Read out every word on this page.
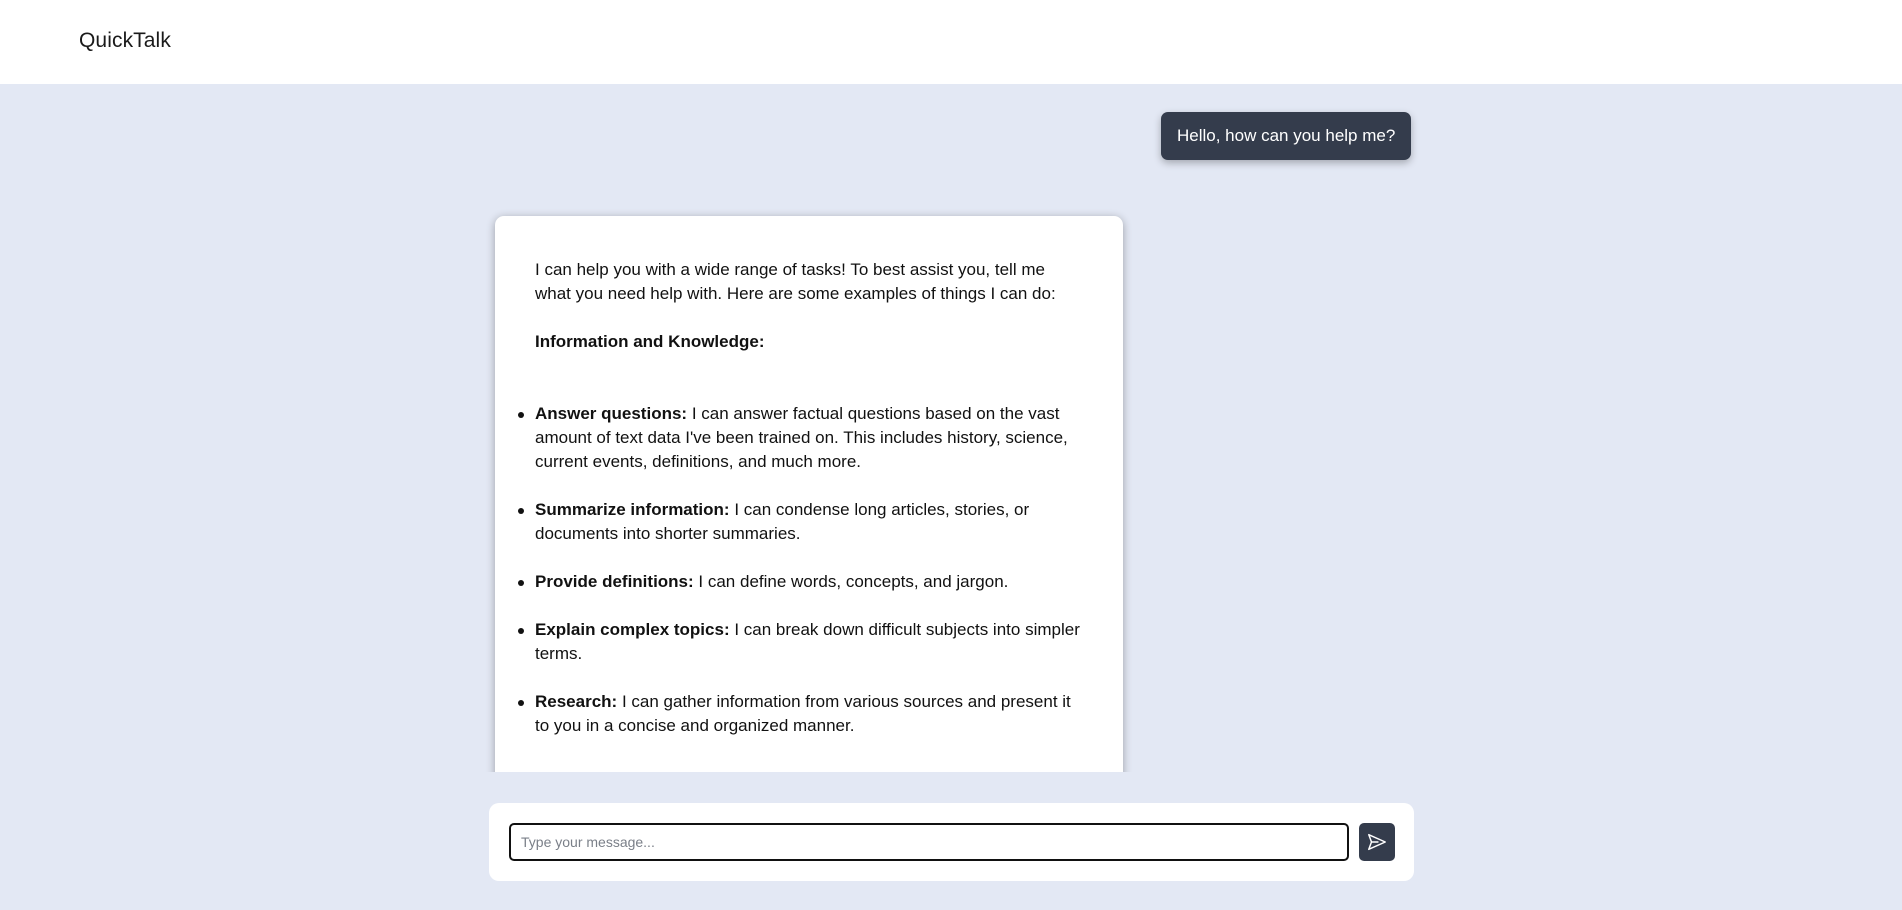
QuickTalk
Hello, how can you help me?

I can help you with a wide range of tasks! To best assist you, tell me what you need help with. Here are some examples of things I can do:

Information and Knowledge:

Answer questions: I can answer factual questions based on the vast amount of text data I've been trained on. This includes history, science, current events, definitions, and much more.
Summarize information: I can condense long articles, stories, or documents into shorter summaries.
Provide definitions: I can define words, concepts, and jargon.
Explain complex topics: I can break down difficult subjects into simpler terms.
Research: I can gather information from various sources and present it to you in a concise and organized manner.
Type your message...
